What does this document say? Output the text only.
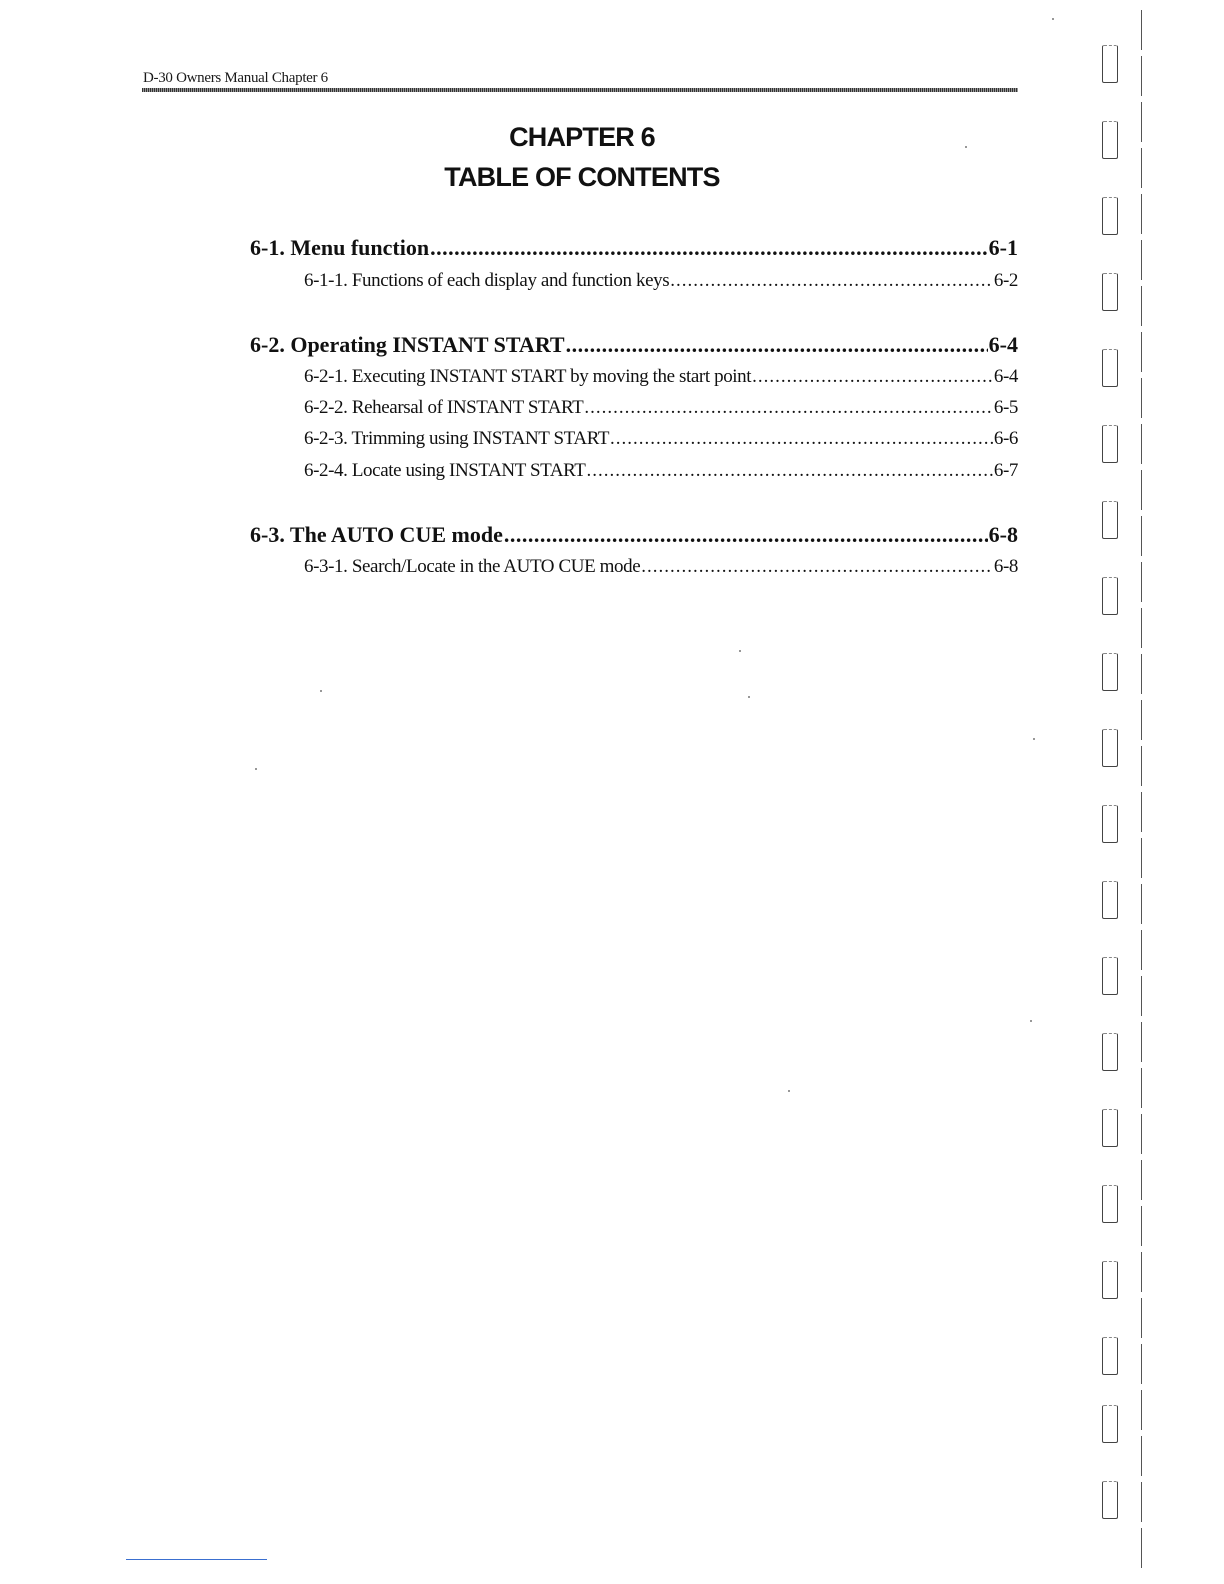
D-30 Owners Manual Chapter 6
CHAPTER 6
TABLE OF CONTENTS
6-1. Menu function .....	6-1
6-1-1. Functions of each display and function keys .....	6-2
6-2. Operating INSTANT START .....	6-4
6-2-1. Executing INSTANT START by moving the start point .....	6-4
6-2-2. Rehearsal of INSTANT START .....	6-5
6-2-3. Trimming using INSTANT START .....	6-6
6-2-4. Locate using INSTANT START .....	6-7
6-3. The AUTO CUE mode .....	6-8
6-3-1. Search/Locate in the AUTO CUE mode .....	6-8
